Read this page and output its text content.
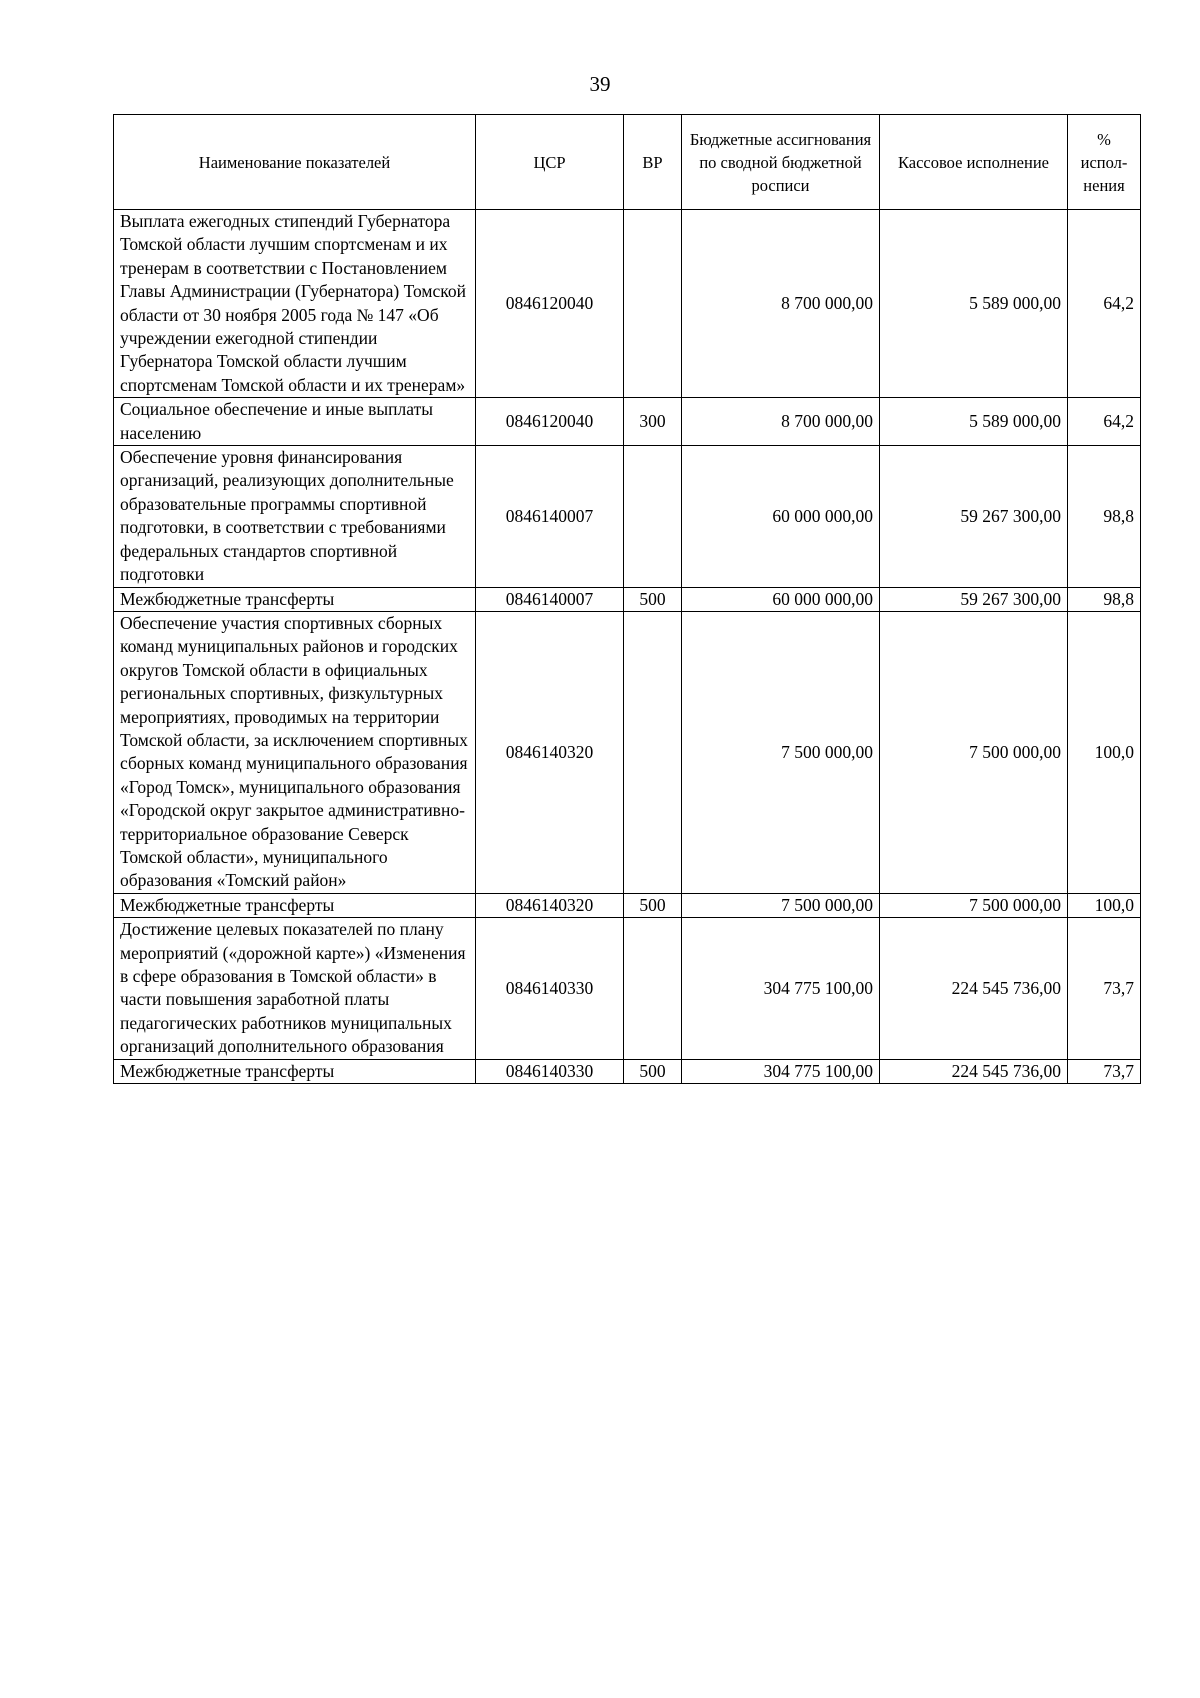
39
Наименование показателей	ЦСР	ВР	Бюджетные ассигнования по сводной бюджетной росписи	Кассовое исполнение	% испол-нения
Выплата ежегодных стипендий Губернатора Томской области лучшим спортсменам и их тренерам в соответствии с Постановлением Главы Администрации (Губернатора) Томской области от 30 ноября 2005 года № 147 «Об учреждении ежегодной стипендии Губернатора Томской области лучшим спортсменам Томской области и их тренерам»	0846120040		8 700 000,00	5 589 000,00	64,2
Социальное обеспечение и иные выплаты населению	0846120040	300	8 700 000,00	5 589 000,00	64,2
Обеспечение уровня финансирования организаций, реализующих дополнительные образовательные программы спортивной подготовки, в соответствии с требованиями федеральных стандартов спортивной подготовки	0846140007		60 000 000,00	59 267 300,00	98,8
Межбюджетные трансферты	0846140007	500	60 000 000,00	59 267 300,00	98,8
Обеспечение участия спортивных сборных команд муниципальных районов и городских округов Томской области в официальных региональных спортивных, физкультурных мероприятиях, проводимых на территории Томской области, за исключением спортивных сборных команд муниципального образования «Город Томск», муниципального образования «Городской округ закрытое административно-территориальное образование Северск Томской области», муниципального образования «Томский район»	0846140320		7 500 000,00	7 500 000,00	100,0
Межбюджетные трансферты	0846140320	500	7 500 000,00	7 500 000,00	100,0
Достижение целевых показателей по плану мероприятий («дорожной карте») «Изменения в сфере образования в Томской области» в части повышения заработной платы педагогических работников муниципальных организаций дополнительного образования	0846140330		304 775 100,00	224 545 736,00	73,7
Межбюджетные трансферты	0846140330	500	304 775 100,00	224 545 736,00	73,7
